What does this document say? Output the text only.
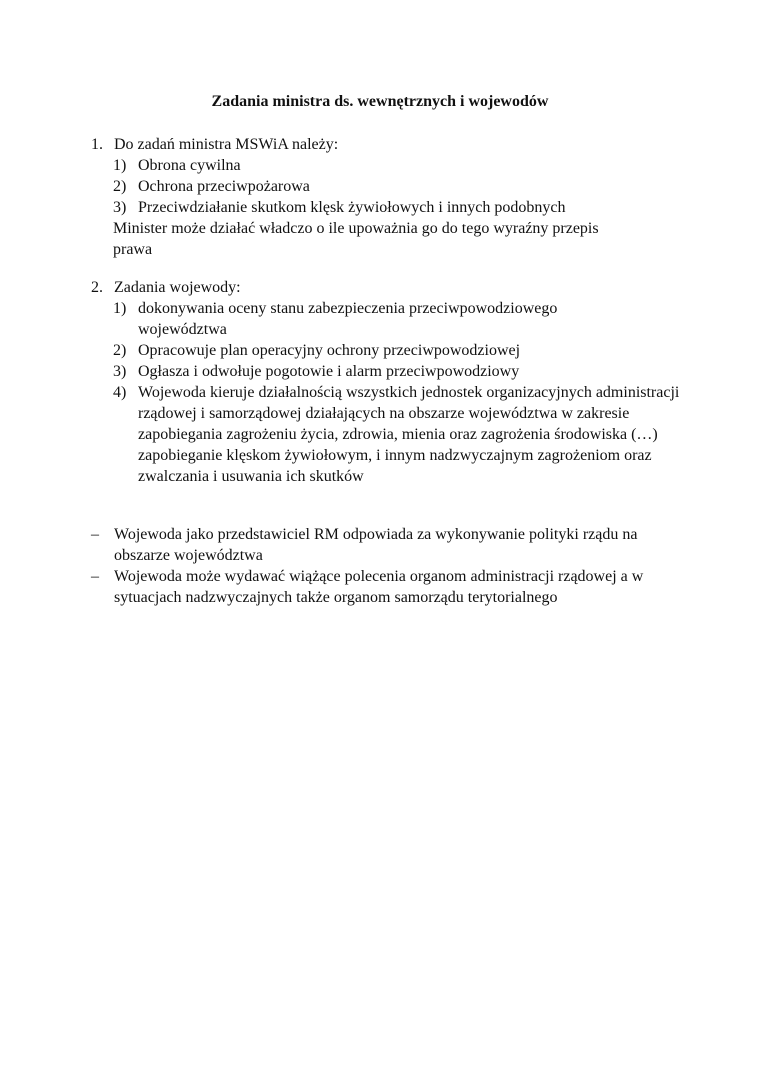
Zadania ministra ds. wewnętrznych i wojewodów
1. Do zadań ministra MSWiA należy:
1) Obrona cywilna
2) Ochrona przeciwpożarowa
3) Przeciwdziałanie skutkom klęsk żywiołowych i innych podobnych
Minister może działać władczo o ile upoważnia go do tego wyraźny przepis prawa
2. Zadania wojewody:
1) dokonywania oceny stanu zabezpieczenia przeciwpowodziowego województwa
2) Opracowuje plan operacyjny ochrony przeciwpowodziowej
3) Ogłasza i odwołuje pogotowie i alarm przeciwpowodziowy
4) Wojewoda kieruje działalnością wszystkich jednostek organizacyjnych administracji rządowej i samorządowej działających na obszarze województwa w zakresie zapobiegania zagrożeniu życia, zdrowia, mienia oraz zagrożenia środowiska (…) zapobieganie klęskom żywiołowym, i innym nadzwyczajnym zagrożeniom oraz zwalczania i usuwania ich skutków
– Wojewoda jako przedstawiciel RM odpowiada za wykonywanie polityki rządu na obszarze województwa
– Wojewoda może wydawać wiążące polecenia organom administracji rządowej a w sytuacjach nadzwyczajnych także organom samorządu terytorialnego
